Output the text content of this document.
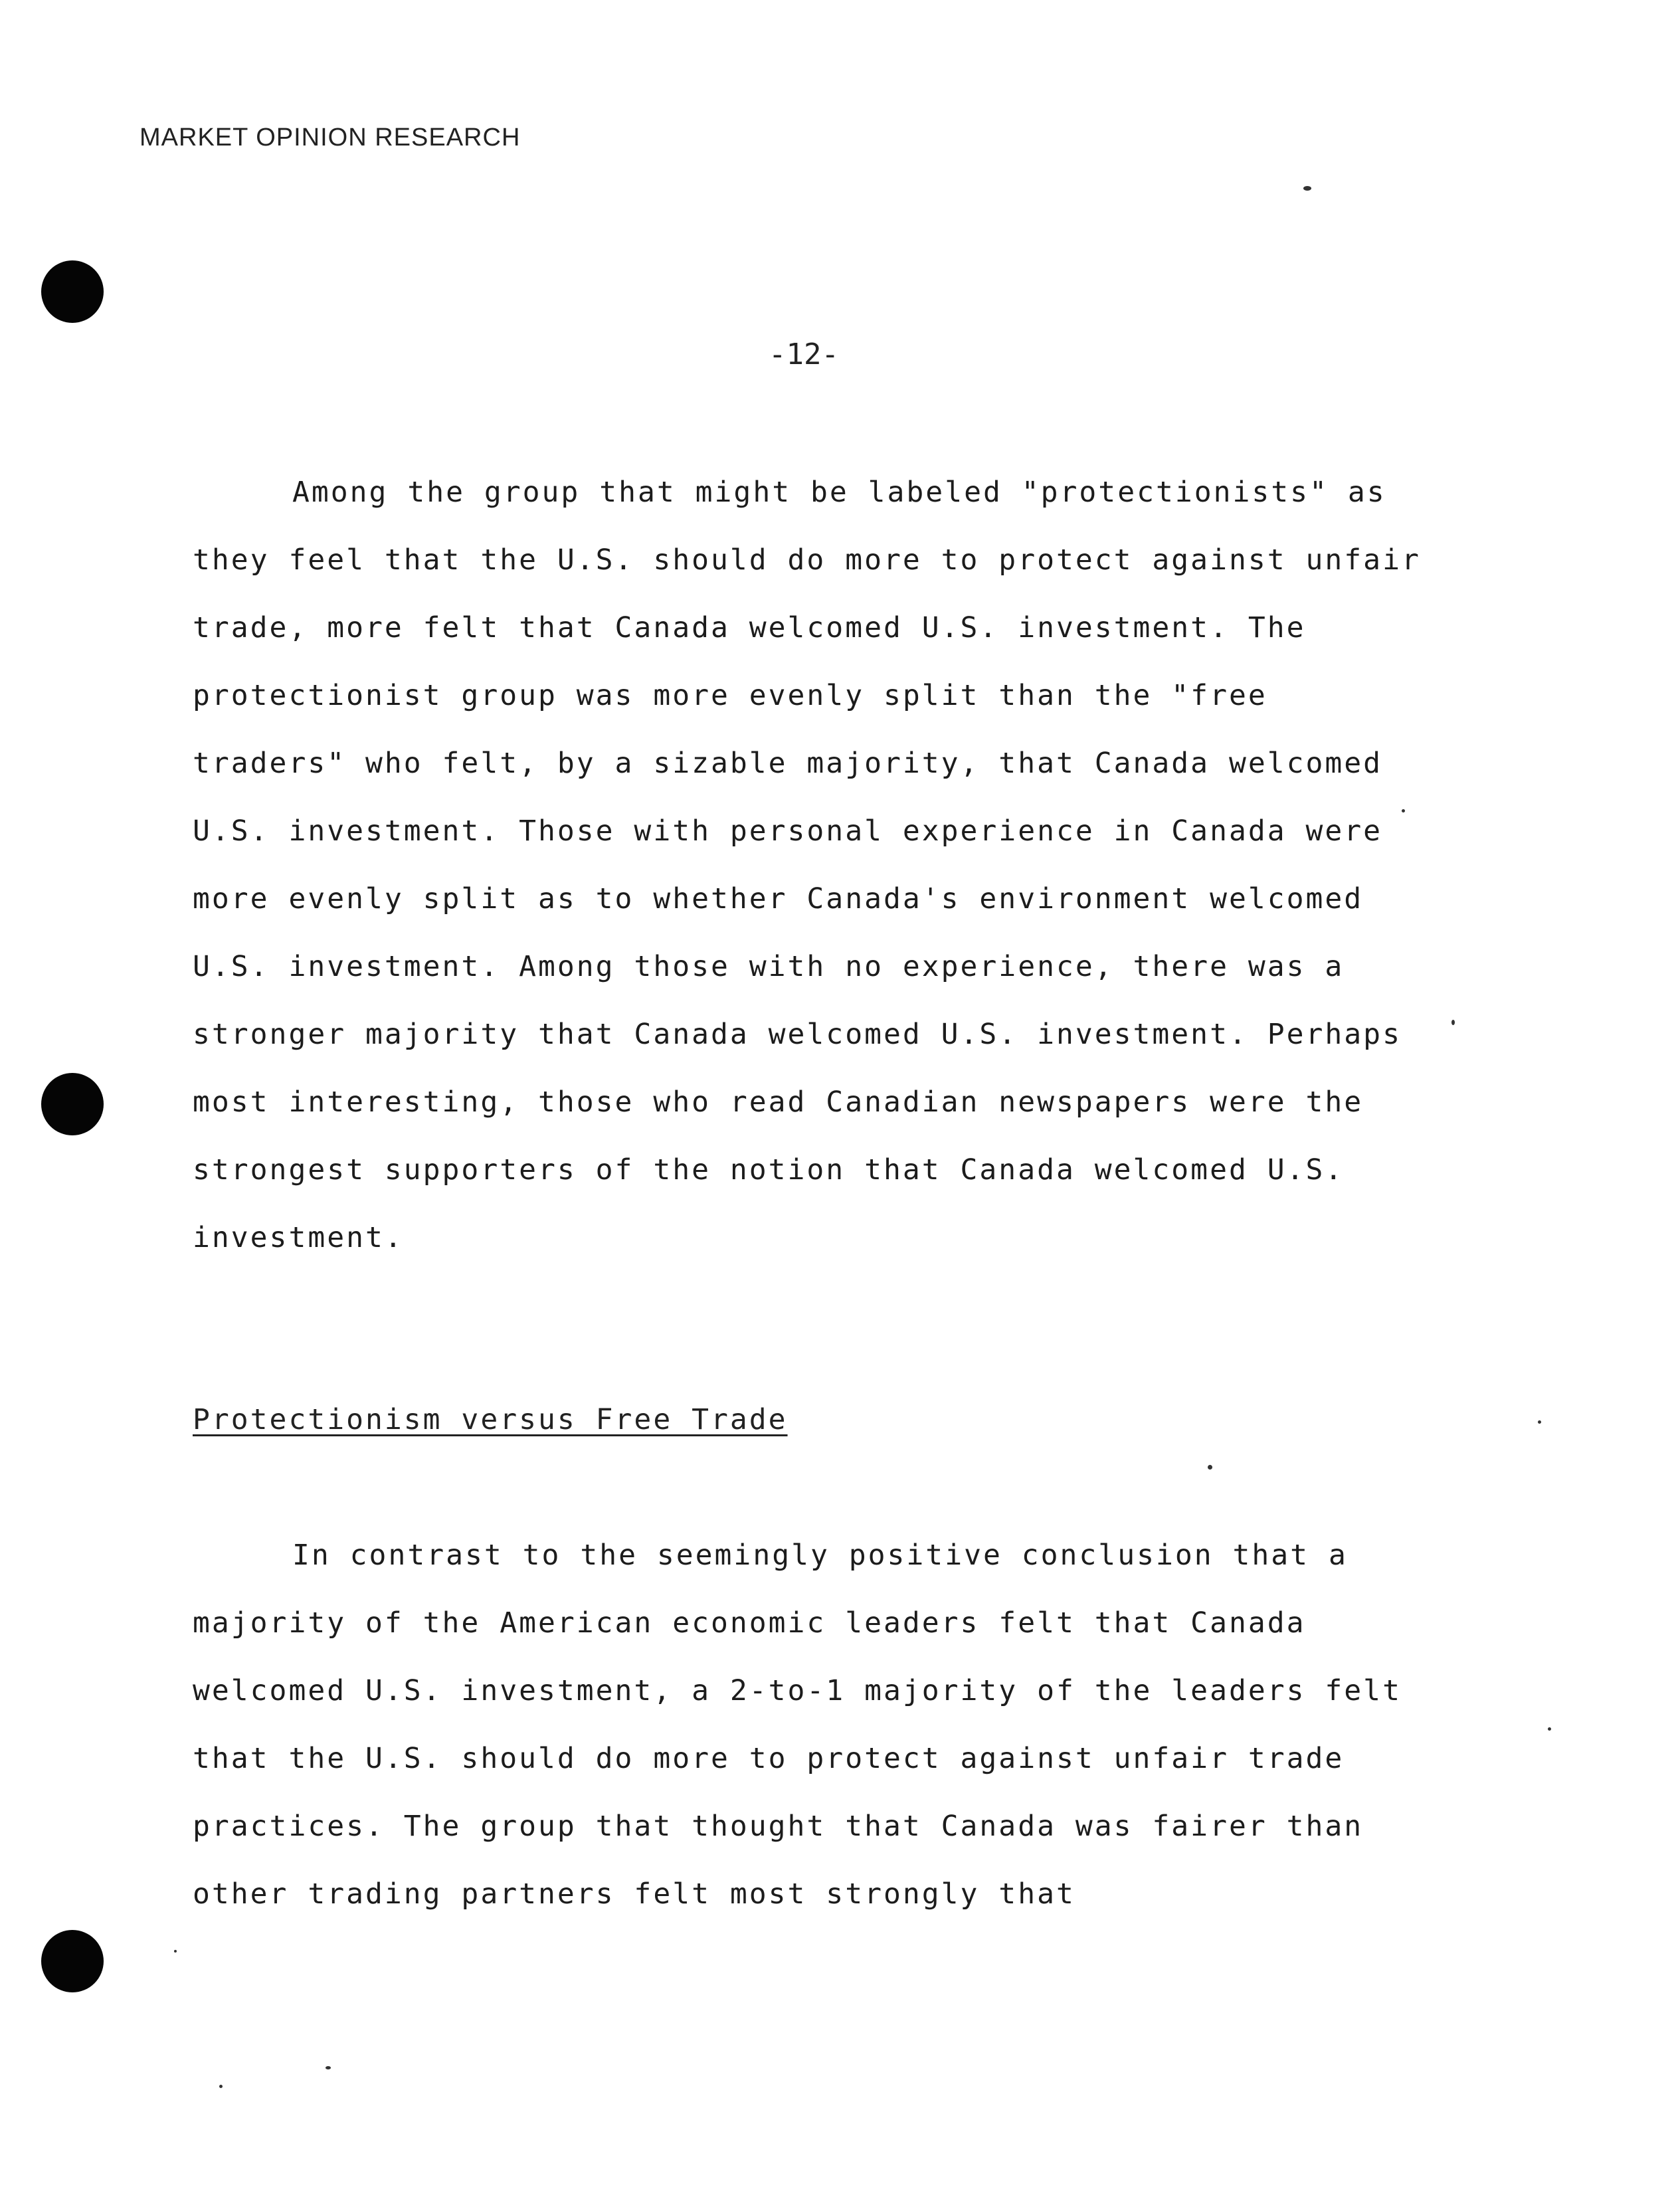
MARKET OPINION RESEARCH
-12-

Among the group that might be labeled "protectionists" as they feel that the U.S. should do more to protect against unfair trade, more felt that Canada welcomed U.S. investment. The protectionist group was more evenly split than the "free traders" who felt, by a sizable majority, that Canada welcomed U.S. investment. Those with personal experience in Canada were more evenly split as to whether Canada's environment welcomed U.S. investment. Among those with no experience, there was a stronger majority that Canada welcomed U.S. investment. Perhaps most interesting, those who read Canadian newspapers were the strongest supporters of the notion that Canada welcomed U.S. investment.

Protectionism versus Free Trade

In contrast to the seemingly positive conclusion that a majority of the American economic leaders felt that Canada welcomed U.S. investment, a 2-to-1 majority of the leaders felt that the U.S. should do more to protect against unfair trade practices. The group that thought that Canada was fairer than other trading partners felt most strongly that
